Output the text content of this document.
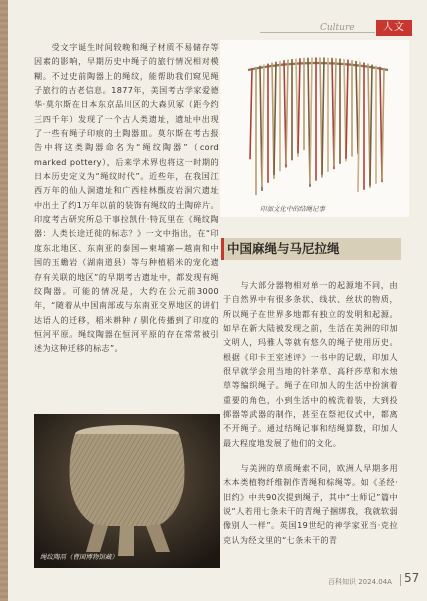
Culture	人文

　　受文字诞生时间较晚和绳子材质不易储存等因素的影响，早期历史中绳子的旅行情况相对模糊。不过史前陶器上的绳纹，能帮助我们窥见绳子旅行的古老信息。1877年，美国考古学家爱德华·莫尔斯在日本东京品川区的大森贝冢（距今约三四千年）发现了一个古人类遗址，遗址中出现了一些有绳子印痕的土陶器皿。莫尔斯在考古报告中将这类陶器命名为“绳纹陶器”（cord marked pottery），后来学术界也将这一时期的日本历史定义为“绳纹时代”。近些年，在我国江西万年的仙人洞遗址和广西桂林甑皮岩洞穴遗址中出土了约1万年以前的装饰有绳纹的土陶碎片。印度考古研究所总干事拉凯什·特瓦里在《绳纹陶器：人类长途迁徙的标志？》一文中指出，在“印度东北地区、东南亚的泰国—柬埔寨—越南和中国的玉蟾岩（湖南道县）等与种植稻米的宠化遗存有关联的地区”的早期考古遗址中，都发现有绳纹陶器。可能的情况是，大约在公元前3000年，“随着从中国南部或与东南亚交界地区的讲们达语人的迁移，稻米耕种 / 驯化传播到了印度的恒河平原。绳纹陶器在恒河平原的存在常常被引述为这种迁移的标志”。

印加文化中的结绳记事
中国麻绳与马尼拉绳

　　与大部分器物相对单一的起源地不同，由于自然界中有很多条状、线状、丝状的物质，所以绳子在世界多地都有独立的发明和起源。如早在新大陆被发现之前，生活在美洲的印加文明人，玛雅人等就有悠久的绳子使用历史。根据《印卡王室述评》一书中的记载，印加人很早就学会用当地的针茅草、高秆莎草和水烛草等编织绳子。绳子在印加人的生活中扮演着重要的角色，小到生活中的梳洗着装，大到投掷器等武器的制作，甚至在祭祀仪式中，都离不开绳子。通过结绳记事和结绳算数，印加人最大程度地发展了他们的文化。

　　与美洲的草质绳索不同，欧洲人早期多用木本类植物纤维制作青绳和棕绳等。如《圣经·旧约》中共90次提到绳子，其中“士师记”篇中说“人若用七条未干的青绳子捆绑我，我就软弱像别人一样”。英国19世纪的神学家亚当·克拉克认为经文里的“七条未干的青

绳纹陶鬲（曹国博物馆藏）
百科知识 2024.04A 57
